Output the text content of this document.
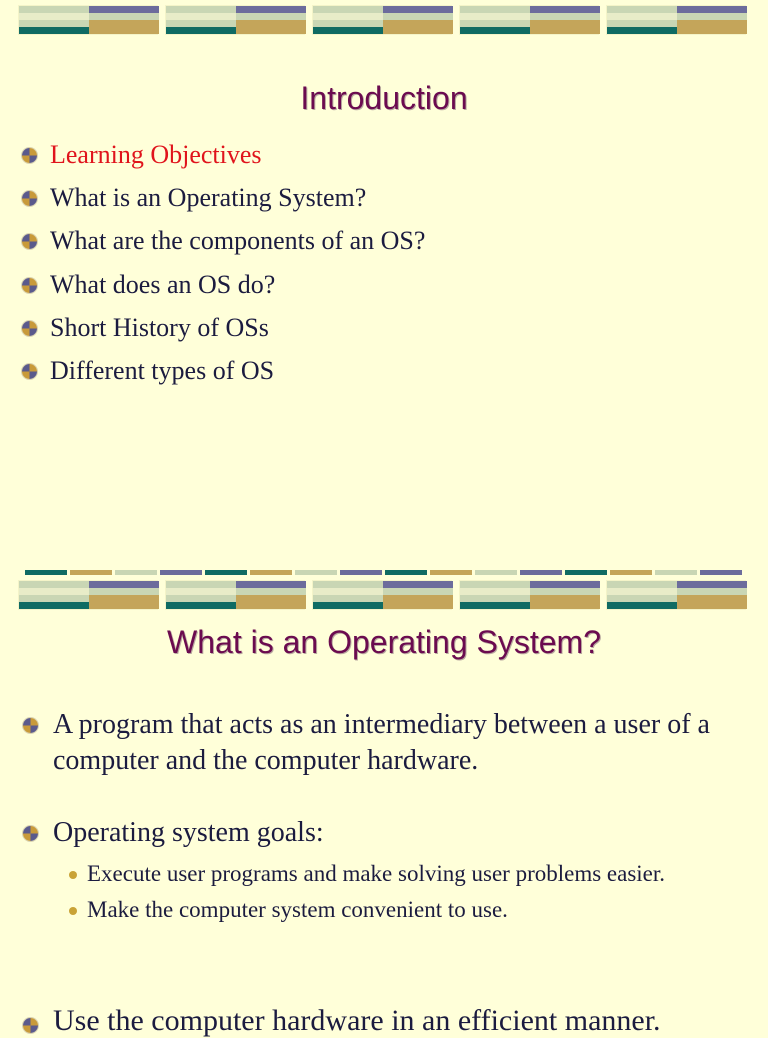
Introduction
Learning Objectives
What is an Operating System?
What are the components of an OS?
What does an OS do?
Short History of OSs
Different types of OS
What is an Operating System?
A program that acts as an intermediary between a user of a computer and the computer hardware.
Operating system goals:
Execute user programs and make solving user problems easier.
Make the computer system convenient to use.
Use the computer hardware in an efficient manner.
